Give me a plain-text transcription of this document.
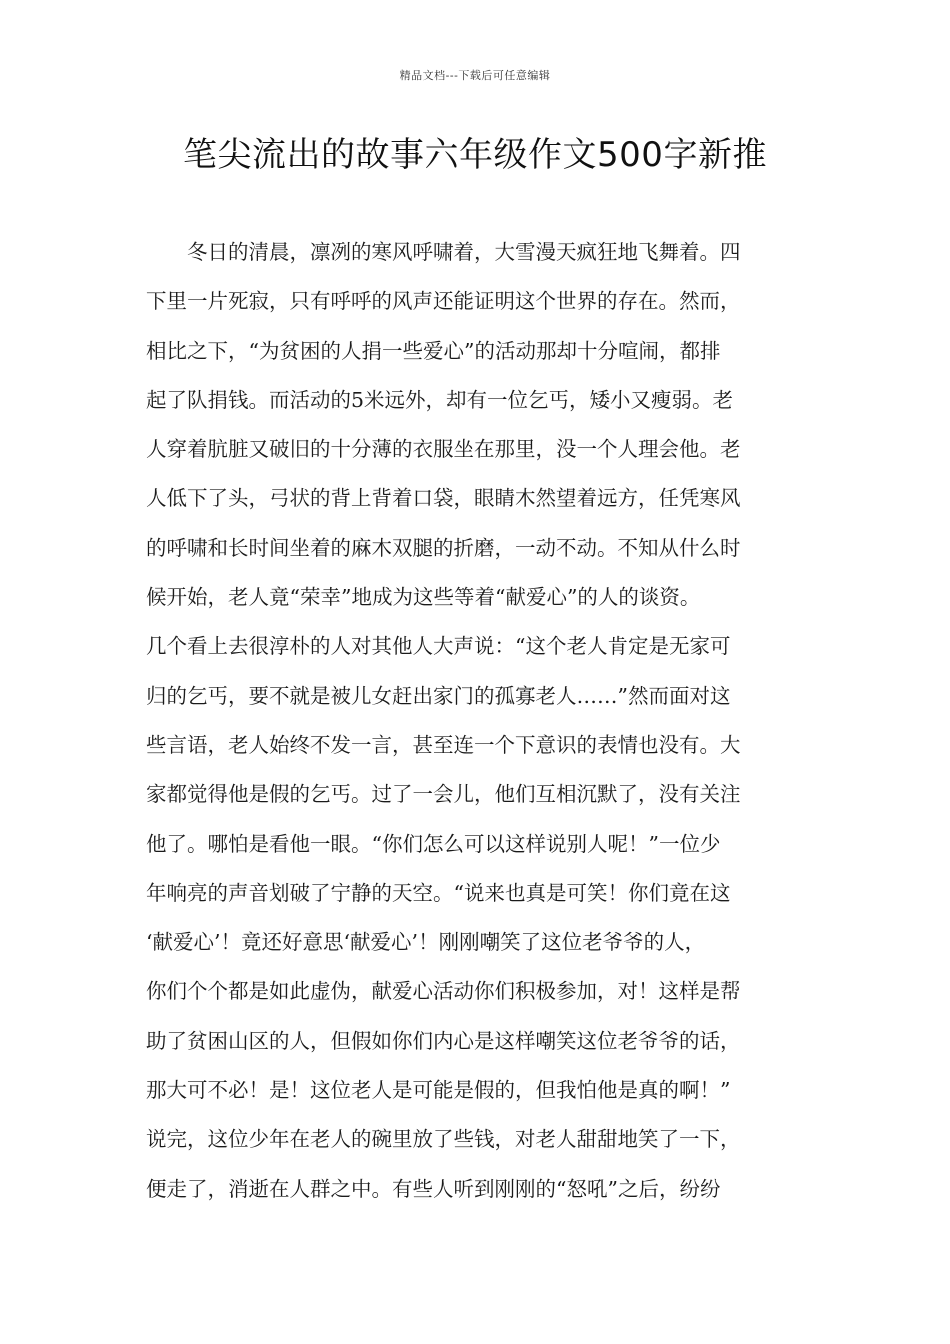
精品文档---下载后可任意编辑
笔尖流出的故事六年级作文500字新推
冬日的清晨，凛冽的寒风呼啸着，大雪漫天疯狂地飞舞着。四
下里一片死寂，只有呼呼的风声还能证明这个世界的存在。然而，
相比之下，“为贫困的人捐一些爱心”的活动那却十分喧闹，都排
起了队捐钱。而活动的5米远外，却有一位乞丐，矮小又瘦弱。老
人穿着肮脏又破旧的十分薄的衣服坐在那里，没一个人理会他。老
人低下了头，弓状的背上背着口袋，眼睛木然望着远方，任凭寒风
的呼啸和长时间坐着的麻木双腿的折磨，一动不动。不知从什么时
候开始，老人竟“荣幸”地成为这些等着“献爱心”的人的谈资。
几个看上去很淳朴的人对其他人大声说：“这个老人肯定是无家可
归的乞丐，要不就是被儿女赶出家门的孤寡老人……”然而面对这
些言语，老人始终不发一言，甚至连一个下意识的表情也没有。大
家都觉得他是假的乞丐。过了一会儿，他们互相沉默了，没有关注
他了。哪怕是看他一眼。“你们怎么可以这样说别人呢！”一位少
年响亮的声音划破了宁静的天空。“说来也真是可笑！你们竟在这
‘献爱心’！竟还好意思‘献爱心’！刚刚嘲笑了这位老爷爷的人，
你们个个都是如此虚伪，献爱心活动你们积极参加，对！这样是帮
助了贫困山区的人，但假如你们内心是这样嘲笑这位老爷爷的话，
那大可不必！是！这位老人是可能是假的，但我怕他是真的啊！”
说完，这位少年在老人的碗里放了些钱，对老人甜甜地笑了一下，
便走了，消逝在人群之中。有些人听到刚刚的“怒吼”之后，纷纷
